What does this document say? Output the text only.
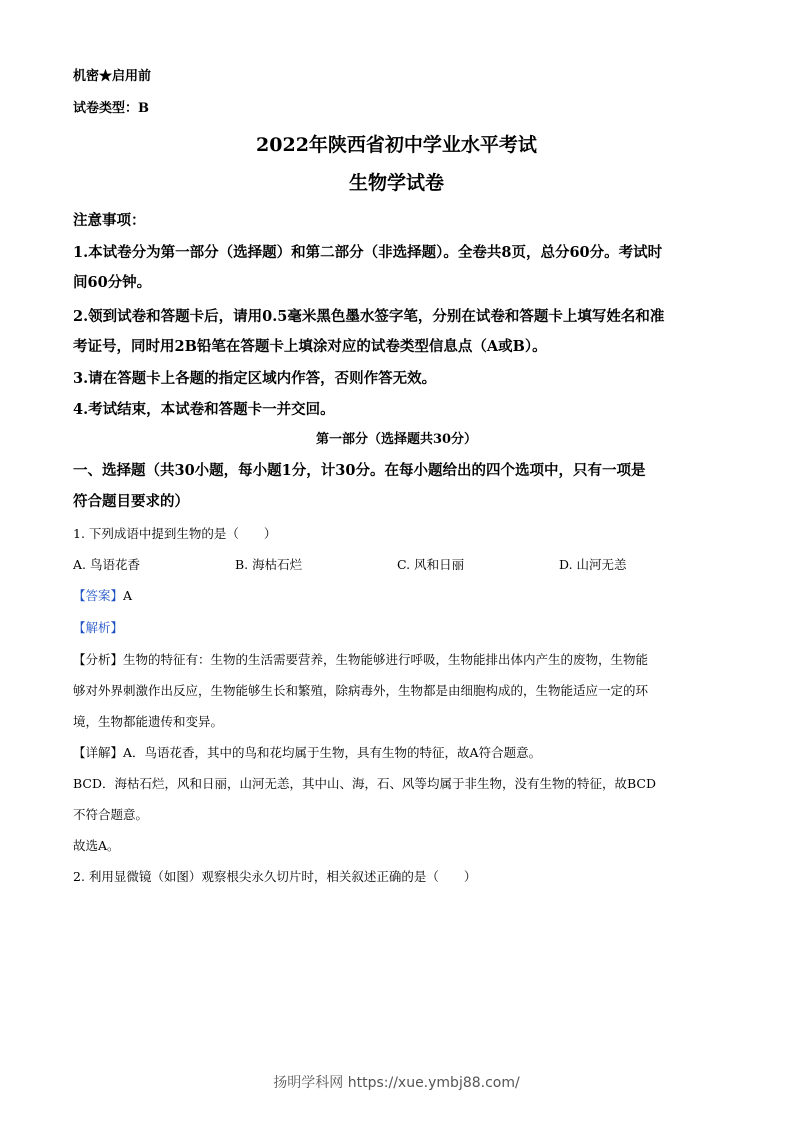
机密★启用前
试卷类型：B
2022年陕西省初中学业水平考试
生物学试卷
注意事项：
1.本试卷分为第一部分（选择题）和第二部分（非选择题）。全卷共8页，总分60分。考试时
间60分钟。
2.领到试卷和答题卡后，请用0.5毫米黑色墨水签字笔，分别在试卷和答题卡上填写姓名和准
考证号，同时用2B铅笔在答题卡上填涂对应的试卷类型信息点（A或B）。
3.请在答题卡上各题的指定区域内作答，否则作答无效。
4.考试结束，本试卷和答题卡一并交回。
第一部分（选择题共30分）
一、选择题（共30小题，每小题1分，计30分。在每小题给出的四个选项中，只有一项是
符合题目要求的）
1. 下列成语中提到生物的是（　　）
A. 鸟语花香	B. 海枯石烂	C. 风和日丽	D. 山河无恙
【答案】A
【解析】
【分析】生物的特征有：生物的生活需要营养，生物能够进行呼吸，生物能排出体内产生的废物，生物能
够对外界刺激作出反应，生物能够生长和繁殖，除病毒外，生物都是由细胞构成的，生物能适应一定的环
境，生物都能遗传和变异。
【详解】A．鸟语花香，其中的鸟和花均属于生物，具有生物的特征，故A符合题意。
BCD．海枯石烂，风和日丽，山河无恙，其中山、海，石、风等均属于非生物，没有生物的特征，故BCD
不符合题意。
故选A。
2. 利用显微镜（如图）观察根尖永久切片时，相关叙述正确的是（　　）
扬明学科网 https://xue.ymbj88.com/
